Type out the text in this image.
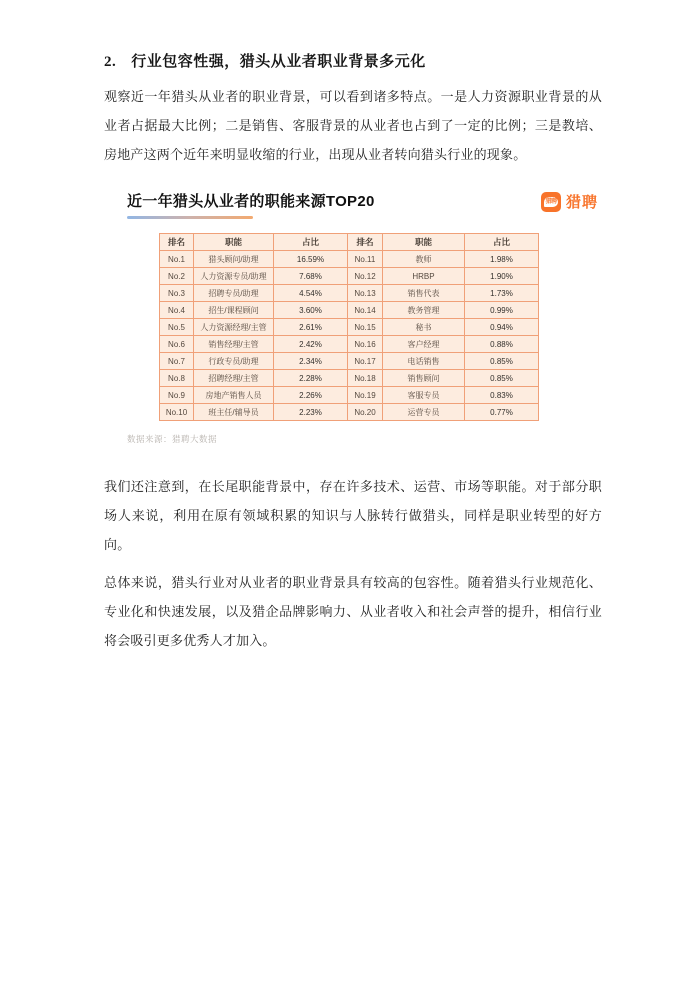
2. 行业包容性强，猎头从业者职业背景多元化

观察近一年猎头从业者的职业背景，可以看到诸多特点。一是人力资源职业背景的从业者占据最大比例；二是销售、客服背景的从业者也占到了一定的比例；三是教培、房地产这两个近年来明显收缩的行业，出现从业者转向猎头行业的现象。

近一年猎头从业者的职能来源TOP20	猎聘 猎聘
排名	职能	占比	排名	职能	占比
No.1	猎头顾问/助理	16.59%	No.11	教师	1.98%
No.2	人力资源专员/助理	7.68%	No.12	HRBP	1.90%
No.3	招聘专员/助理	4.54%	No.13	销售代表	1.73%
No.4	招生/课程顾问	3.60%	No.14	教务管理	0.99%
No.5	人力资源经理/主管	2.61%	No.15	秘书	0.94%
No.6	销售经理/主管	2.42%	No.16	客户经理	0.88%
No.7	行政专员/助理	2.34%	No.17	电话销售	0.85%
No.8	招聘经理/主管	2.28%	No.18	销售顾问	0.85%
No.9	房地产销售人员	2.26%	No.19	客服专员	0.83%
No.10	班主任/辅导员	2.23%	No.20	运营专员	0.77%
数据来源：猎聘大数据

我们还注意到，在长尾职能背景中，存在许多技术、运营、市场等职能。对于部分职场人来说，利用在原有领域积累的知识与人脉转行做猎头，同样是职业转型的好方向。

总体来说，猎头行业对从业者的职业背景具有较高的包容性。随着猎头行业规范化、专业化和快速发展，以及猎企品牌影响力、从业者收入和社会声誉的提升，相信行业将会吸引更多优秀人才加入。
